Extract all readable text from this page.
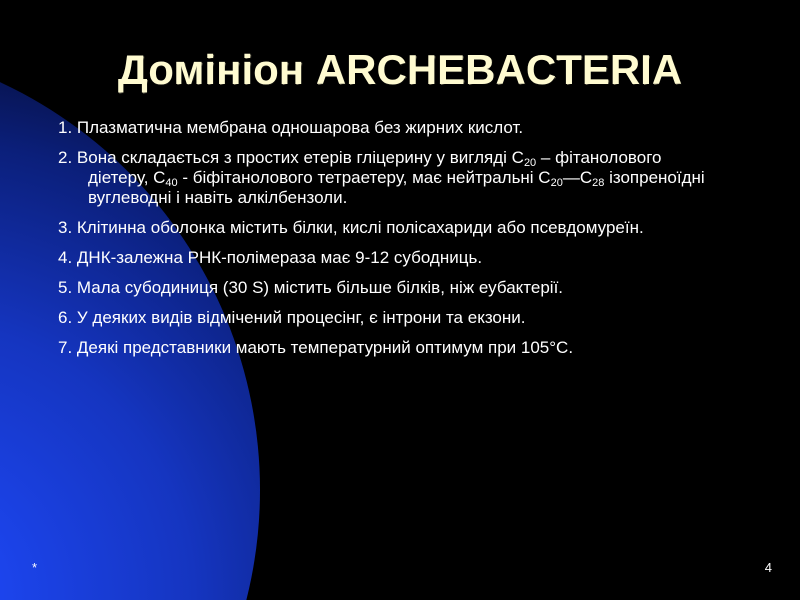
Домініон ARCHEBACTERIA

1. Плазматична мембрана одношарова без жирних кислот.

2. Вона складається з простих етерів гліцерину у вигляді $С_{20}$ – фітанолового діетеру, $С_{40}$ - біфітанолового тетраетеру, має нейтральні $С_{20}—С_{28}$ ізопреноїдні вуглеводні і навіть алкілбензоли.

3. Клітинна оболонка містить білки, кислі полісахариди або псевдомуреїн.

4. ДНК-залежна РНК-полімераза має 9-12 субодниць.

5. Мала субодиниця (30 S) містить більше білків, ніж еубактерії.

6. У деяких видів відмічений процесінг, є інтрони та екзони.

7. Деякі представники мають температурний оптимум при 105°С.

*	4
